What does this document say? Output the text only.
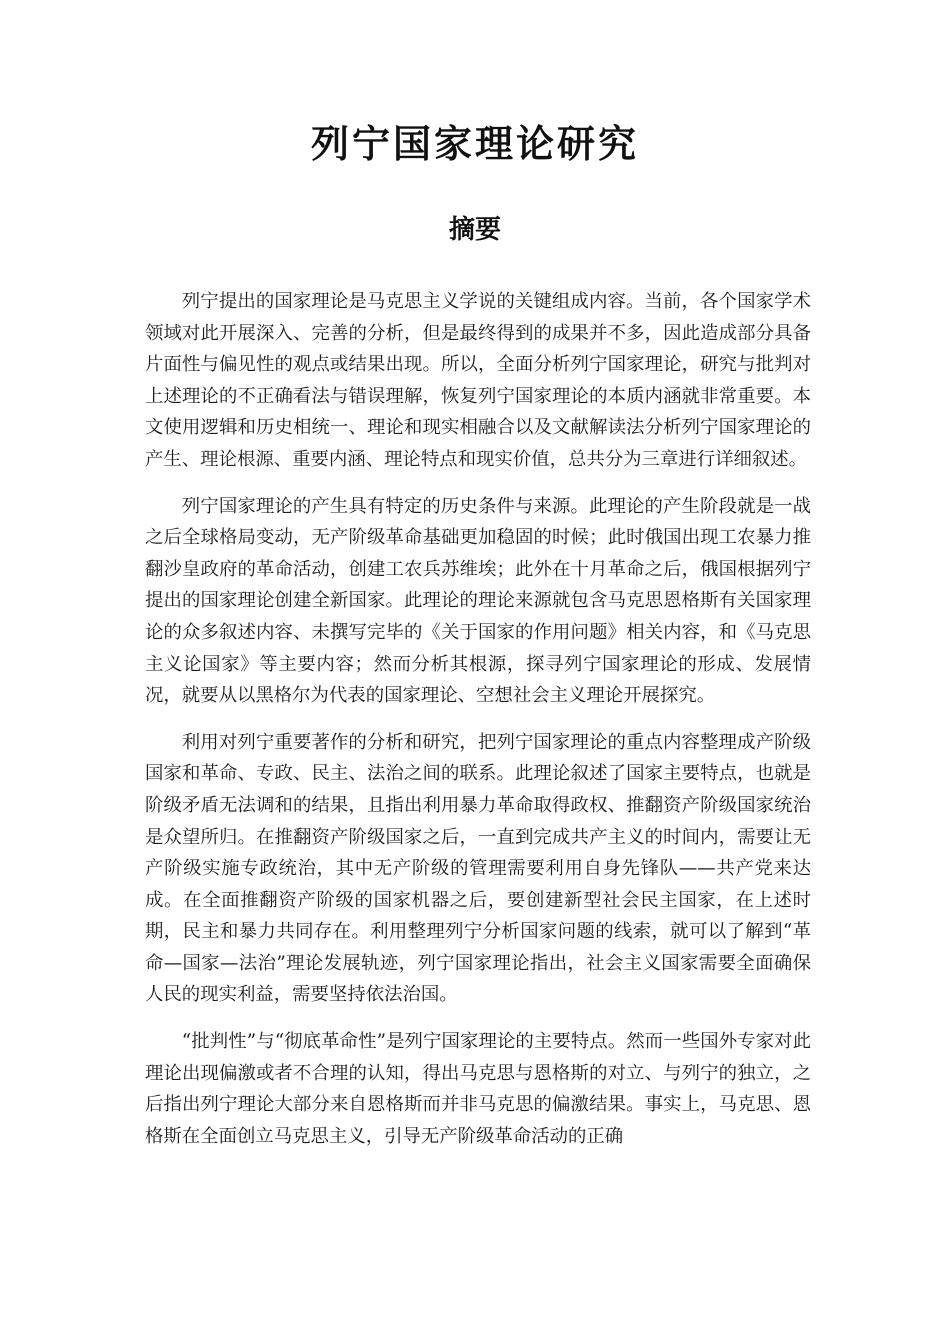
列宁国家理论研究
摘要

列宁提出的国家理论是马克思主义学说的关键组成内容。当前，各个国家学术领域对此开展深入、完善的分析，但是最终得到的成果并不多，因此造成部分具备片面性与偏见性的观点或结果出现。所以，全面分析列宁国家理论，研究与批判对上述理论的不正确看法与错误理解，恢复列宁国家理论的本质内涵就非常重要。本文使用逻辑和历史相统一、理论和现实相融合以及文献解读法分析列宁国家理论的产生、理论根源、重要内涵、理论特点和现实价值，总共分为三章进行详细叙述。

列宁国家理论的产生具有特定的历史条件与来源。此理论的产生阶段就是一战之后全球格局变动，无产阶级革命基础更加稳固的时候；此时俄国出现工农暴力推翻沙皇政府的革命活动，创建工农兵苏维埃；此外在十月革命之后，俄国根据列宁提出的国家理论创建全新国家。此理论的理论来源就包含马克思恩格斯有关国家理论的众多叙述内容、未撰写完毕的《关于国家的作用问题》相关内容，和《马克思主义论国家》等主要内容；然而分析其根源，探寻列宁国家理论的形成、发展情况，就要从以黑格尔为代表的国家理论、空想社会主义理论开展探究。

利用对列宁重要著作的分析和研究，把列宁国家理论的重点内容整理成产阶级国家和革命、专政、民主、法治之间的联系。此理论叙述了国家主要特点，也就是阶级矛盾无法调和的结果，且指出利用暴力革命取得政权、推翻资产阶级国家统治是众望所归。在推翻资产阶级国家之后，一直到完成共产主义的时间内，需要让无产阶级实施专政统治，其中无产阶级的管理需要利用自身先锋队——共产党来达成。在全面推翻资产阶级的国家机器之后，要创建新型社会民主国家，在上述时期，民主和暴力共同存在。利用整理列宁分析国家问题的线索，就可以了解到“革命—国家—法治”理论发展轨迹，列宁国家理论指出，社会主义国家需要全面确保人民的现实利益，需要坚持依法治国。

“批判性”与“彻底革命性”是列宁国家理论的主要特点。然而一些国外专家对此理论出现偏激或者不合理的认知，得出马克思与恩格斯的对立、与列宁的独立，之后指出列宁理论大部分来自恩格斯而并非马克思的偏激结果。事实上，马克思、恩格斯在全面创立马克思主义，引导无产阶级革命活动的正确
